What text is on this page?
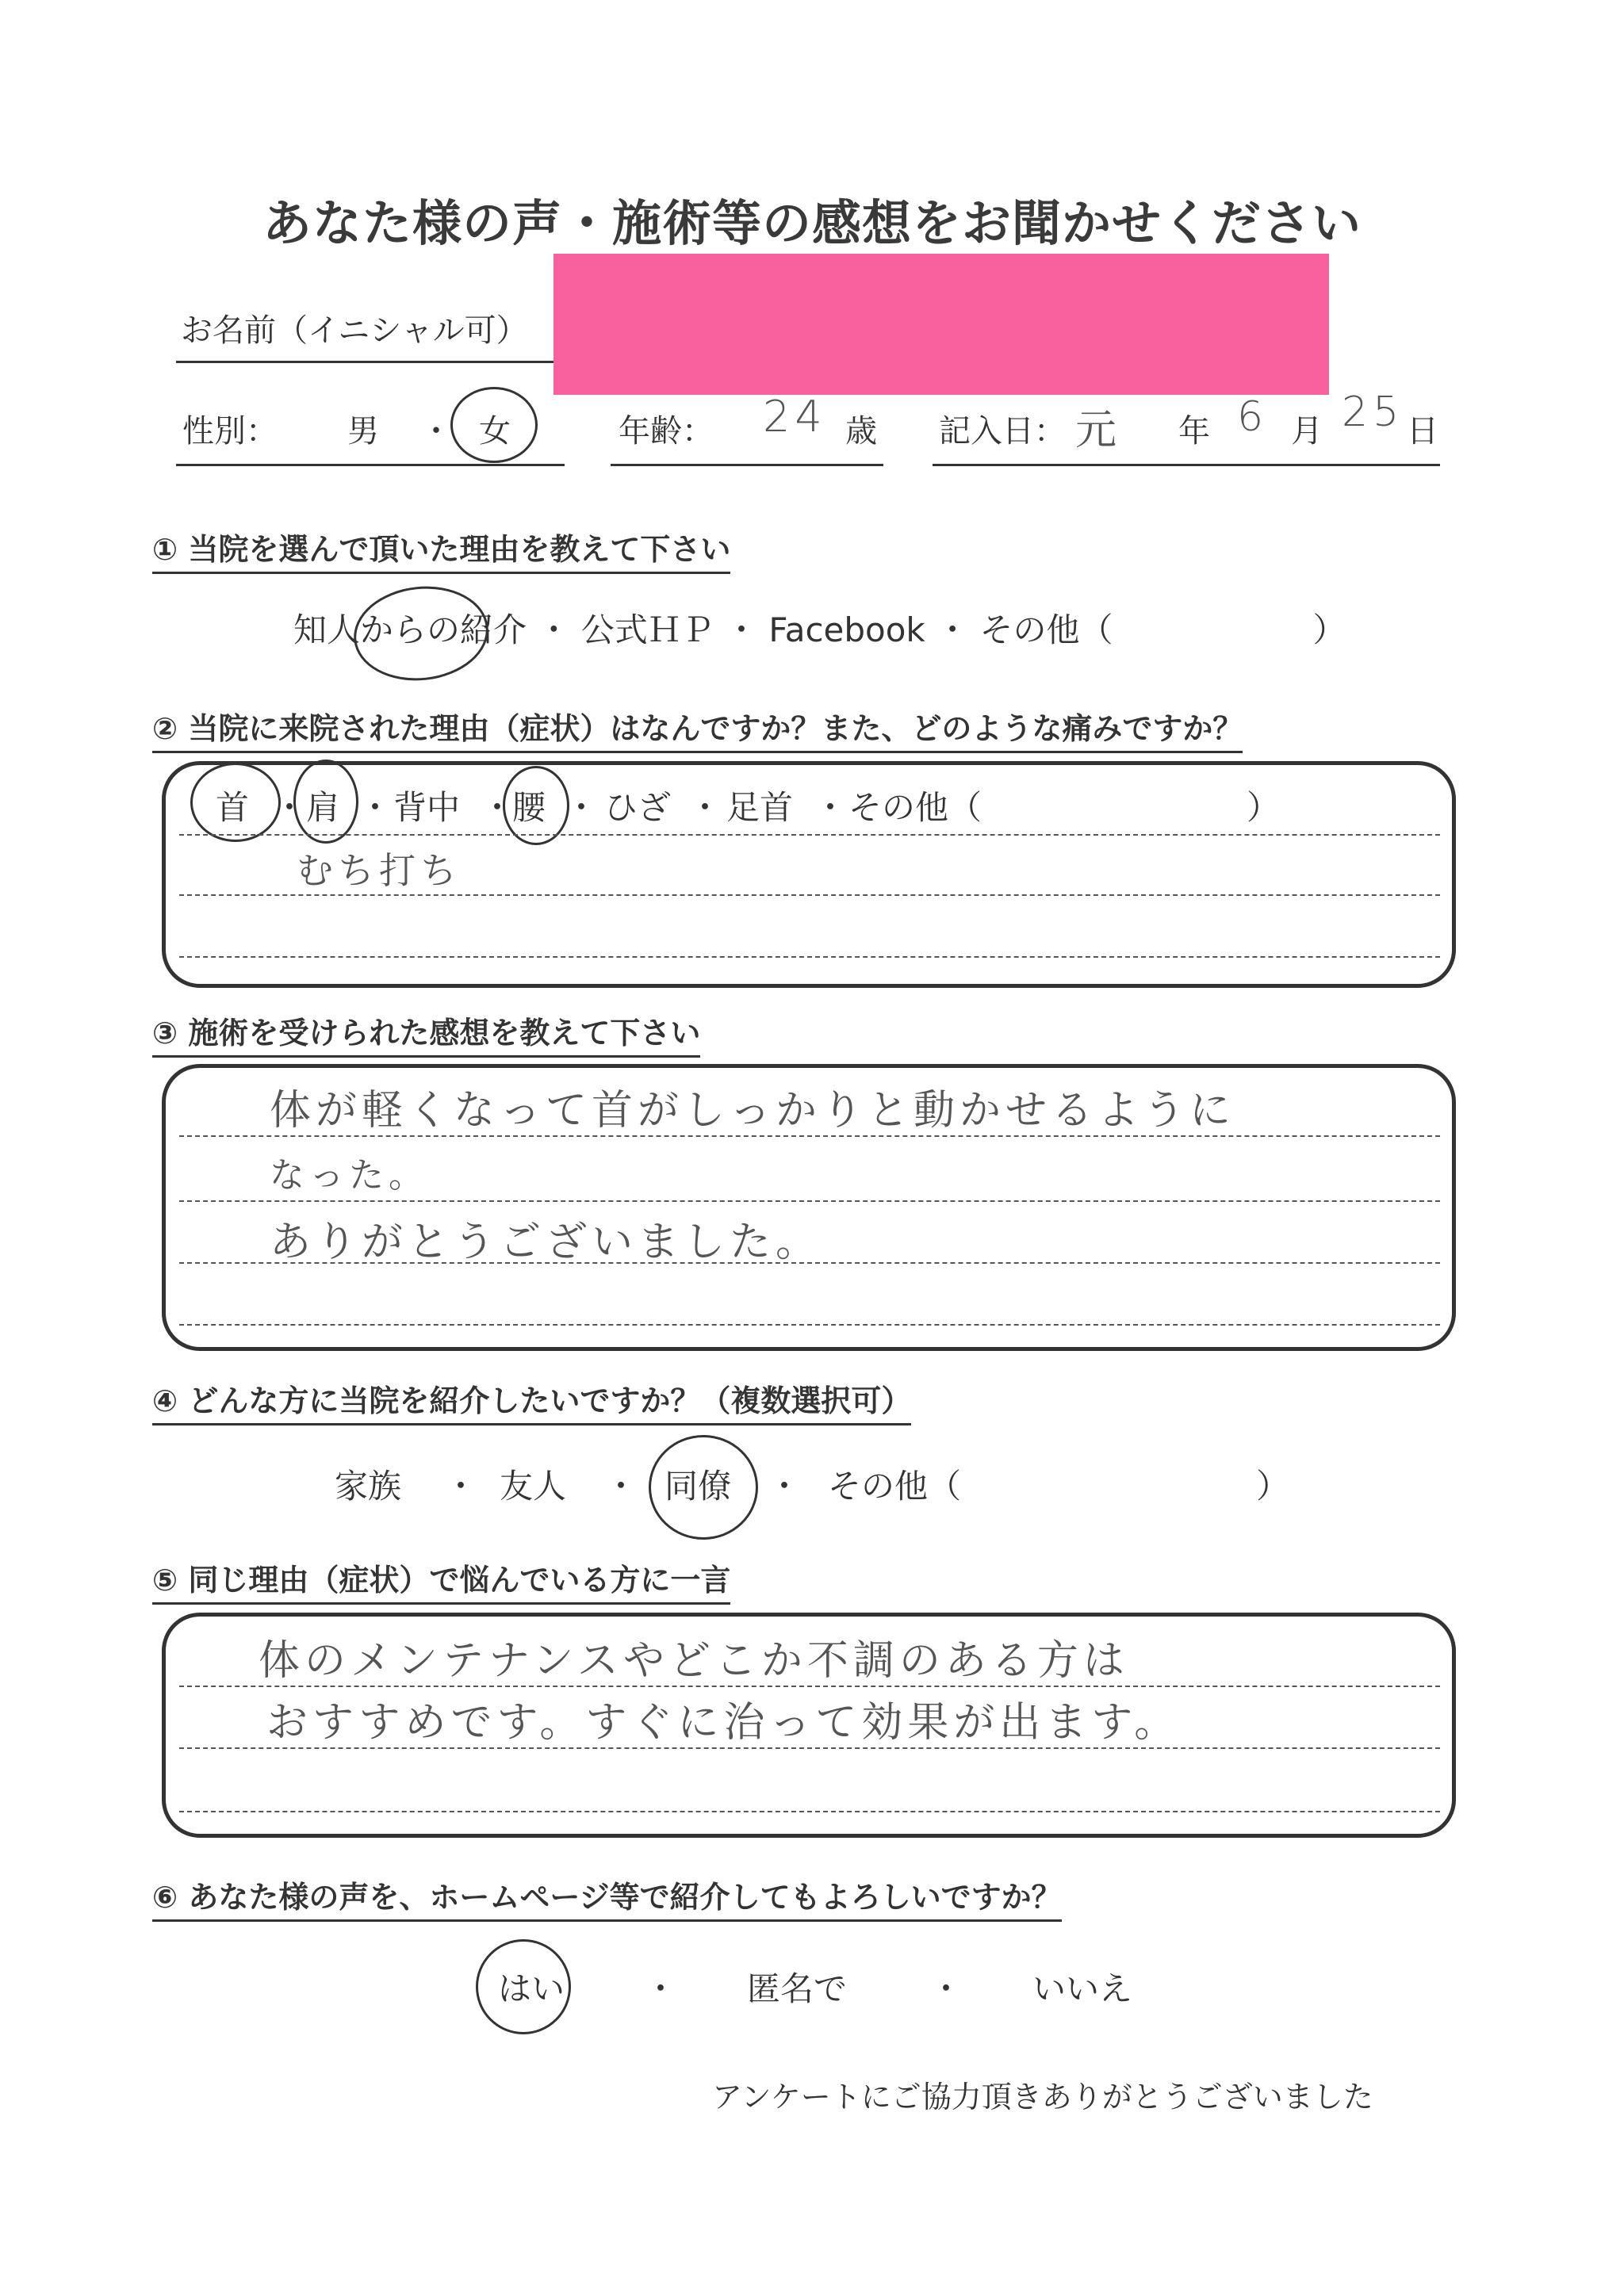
あなた様の声・施術等の感想をお聞かせください
お名前（イニシャル可）
性別： 男 ・ 女	年齢： 24 歳 記入日： 元 年 6 月 25 日
① 当院を選んで頂いた理由を教えて下さい
知人からの紹介 ・ 公式ＨＰ ・ Facebook ・ その他（　　　　　　）
② 当院に来院された理由（症状）はなんですか？また、どのような痛みですか？
首 ・ 肩 ・ 背中 ・
腰 ・ ひざ ・ 足首 ・ その他（	）
むち打ち
③ 施術を受けられた感想を教えて下さい
体が軽くなって首がしっかりと動かせるように
なった。
ありがとうございました。
④ どんな方に当院を紹介したいですか？（複数選択可）
家族 ・ 友人 ・ 同僚 ・ その他（	）
⑤ 同じ理由（症状）で悩んでいる方に一言
体のメンテナンスやどこか不調のある方は
おすすめです。すぐに治って効果が出ます。
⑥ あなた様の声を、ホームページ等で紹介してもよろしいですか？
はい ・ 匿名で ・ いいえ
アンケートにご協力頂きありがとうございました
